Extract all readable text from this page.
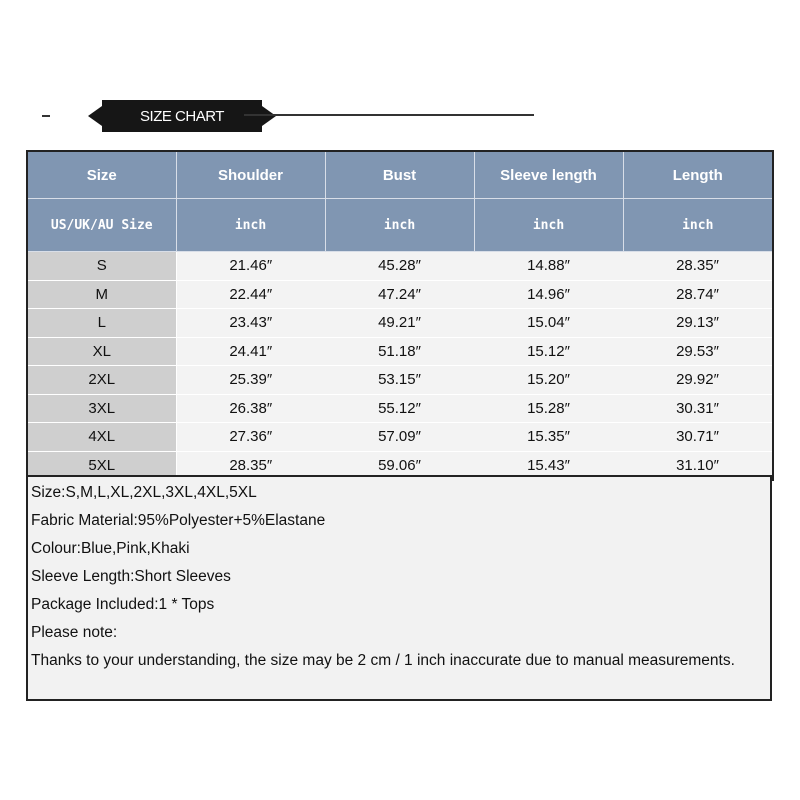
SIZE CHART
Size	Shoulder	Bust	Sleeve length	Length
US/UK/AU Size	inch	inch	inch	inch
S	21.46″	45.28″	14.88″	28.35″
M	22.44″	47.24″	14.96″	28.74″
L	23.43″	49.21″	15.04″	29.13″
XL	24.41″	51.18″	15.12″	29.53″
2XL	25.39″	53.15″	15.20″	29.92″
3XL	26.38″	55.12″	15.28″	30.31″
4XL	27.36″	57.09″	15.35″	30.71″
5XL	28.35″	59.06″	15.43″	31.10″
Size:S,M,L,XL,2XL,3XL,4XL,5XL
Fabric Material:95%Polyester+5%Elastane
Colour:Blue,Pink,Khaki
Sleeve Length:Short Sleeves
Package Included:1 * Tops
Please note:
Thanks to your understanding, the size may be 2 cm / 1 inch inaccurate due to manual measurements.
